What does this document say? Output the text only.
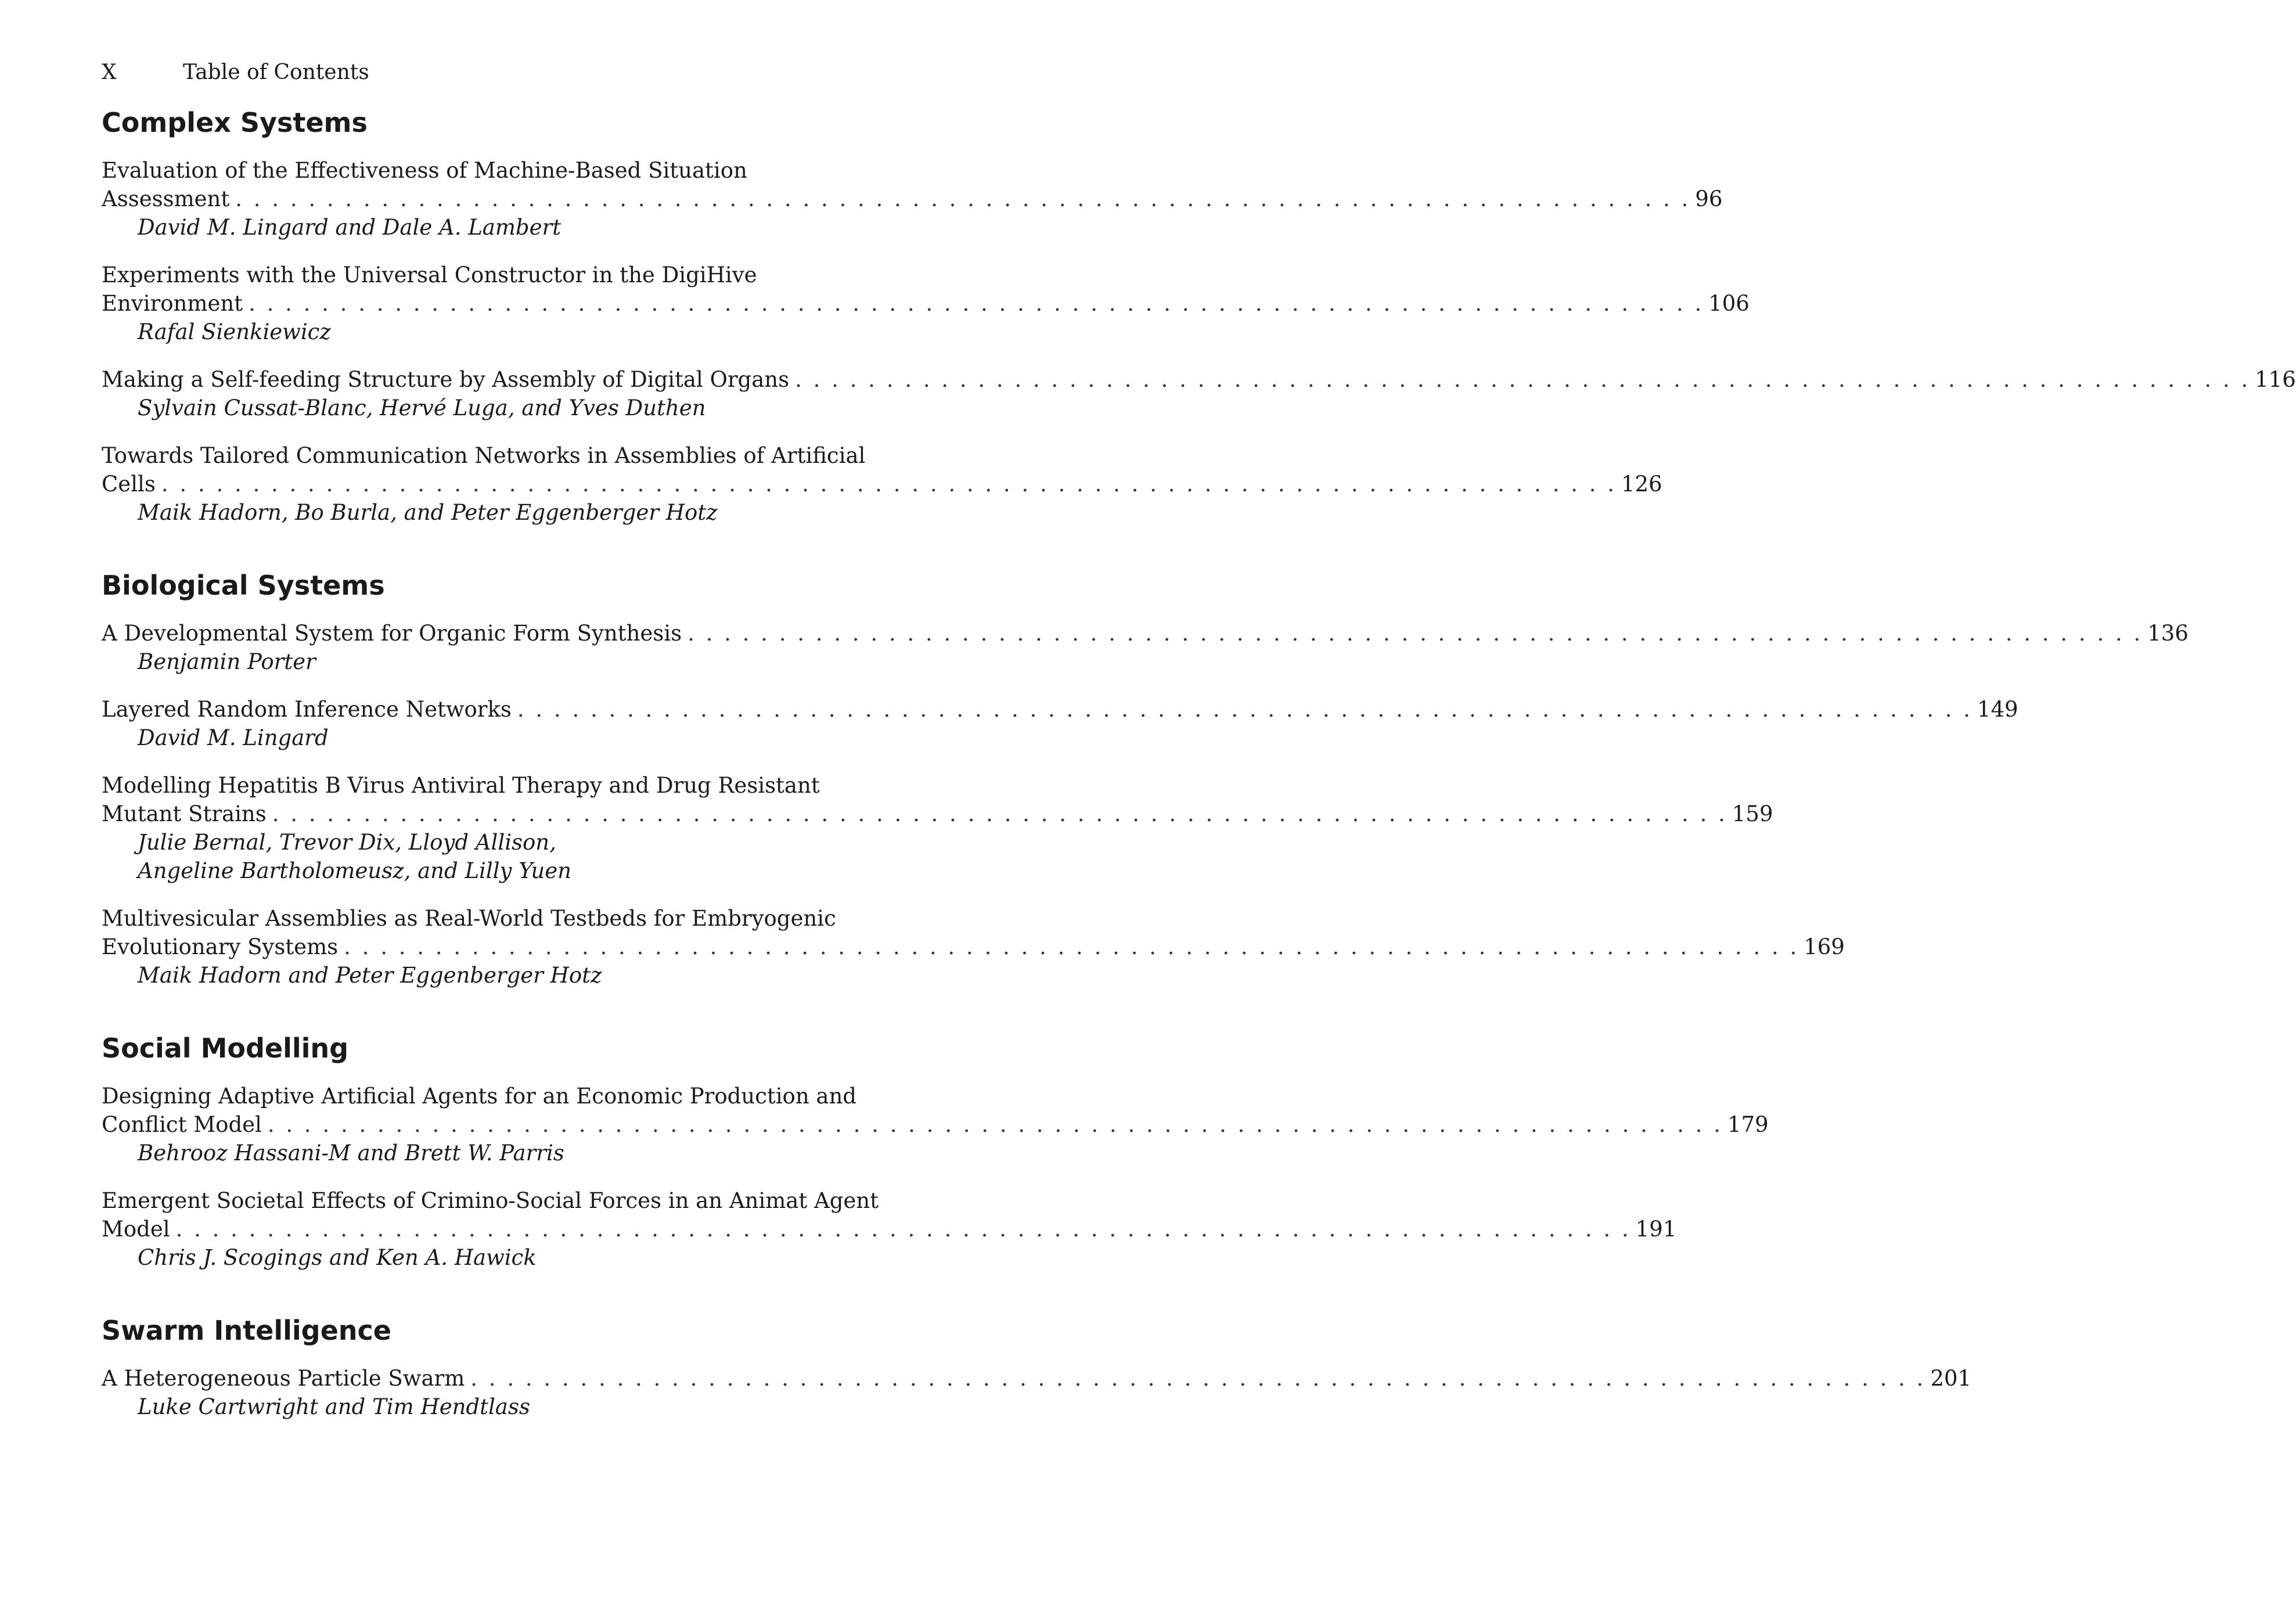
X	Table of Contents
Complex Systems
Evaluation of the Effectiveness of Machine-Based Situation
Assessment . . . . . . . . . . . . . . . . . . . . . . . . . . . . . . . . . . . . . . . . . . . . . . . . . . . . . . . . . . . . . . . . . . . . . . . . . . . . . . . . 96
David M. Lingard and Dale A. Lambert
Experiments with the Universal Constructor in the DigiHive
Environment . . . . . . . . . . . . . . . . . . . . . . . . . . . . . . . . . . . . . . . . . . . . . . . . . . . . . . . . . . . . . . . . . . . . . . . . . . . . . . . . 106
Rafal Sienkiewicz
Making a Self-feeding Structure by Assembly of Digital Organs . . . . . . . . . . . . . . . . . . . . . . . . . . . . . . . . . . . . . . . . . . . . . . . . . . . . . . . . . . . . . . . . . . . . . . . . . . . . . . . . 116
Sylvain Cussat-Blanc, Hervé Luga, and Yves Duthen
Towards Tailored Communication Networks in Assemblies of Artificial
Cells . . . . . . . . . . . . . . . . . . . . . . . . . . . . . . . . . . . . . . . . . . . . . . . . . . . . . . . . . . . . . . . . . . . . . . . . . . . . . . . . 126
Maik Hadorn, Bo Burla, and Peter Eggenberger Hotz
Biological Systems
A Developmental System for Organic Form Synthesis . . . . . . . . . . . . . . . . . . . . . . . . . . . . . . . . . . . . . . . . . . . . . . . . . . . . . . . . . . . . . . . . . . . . . . . . . . . . . . . . 136
Benjamin Porter
Layered Random Inference Networks . . . . . . . . . . . . . . . . . . . . . . . . . . . . . . . . . . . . . . . . . . . . . . . . . . . . . . . . . . . . . . . . . . . . . . . . . . . . . . . . 149
David M. Lingard
Modelling Hepatitis B Virus Antiviral Therapy and Drug Resistant
Mutant Strains . . . . . . . . . . . . . . . . . . . . . . . . . . . . . . . . . . . . . . . . . . . . . . . . . . . . . . . . . . . . . . . . . . . . . . . . . . . . . . . . 159
Julie Bernal, Trevor Dix, Lloyd Allison,
Angeline Bartholomeusz, and Lilly Yuen
Multivesicular Assemblies as Real-World Testbeds for Embryogenic
Evolutionary Systems . . . . . . . . . . . . . . . . . . . . . . . . . . . . . . . . . . . . . . . . . . . . . . . . . . . . . . . . . . . . . . . . . . . . . . . . . . . . . . . . 169
Maik Hadorn and Peter Eggenberger Hotz
Social Modelling
Designing Adaptive Artificial Agents for an Economic Production and
Conflict Model . . . . . . . . . . . . . . . . . . . . . . . . . . . . . . . . . . . . . . . . . . . . . . . . . . . . . . . . . . . . . . . . . . . . . . . . . . . . . . . . 179
Behrooz Hassani-M and Brett W. Parris
Emergent Societal Effects of Crimino-Social Forces in an Animat Agent
Model . . . . . . . . . . . . . . . . . . . . . . . . . . . . . . . . . . . . . . . . . . . . . . . . . . . . . . . . . . . . . . . . . . . . . . . . . . . . . . . . 191
Chris J. Scogings and Ken A. Hawick
Swarm Intelligence
A Heterogeneous Particle Swarm . . . . . . . . . . . . . . . . . . . . . . . . . . . . . . . . . . . . . . . . . . . . . . . . . . . . . . . . . . . . . . . . . . . . . . . . . . . . . . . . 201
Luke Cartwright and Tim Hendtlass
